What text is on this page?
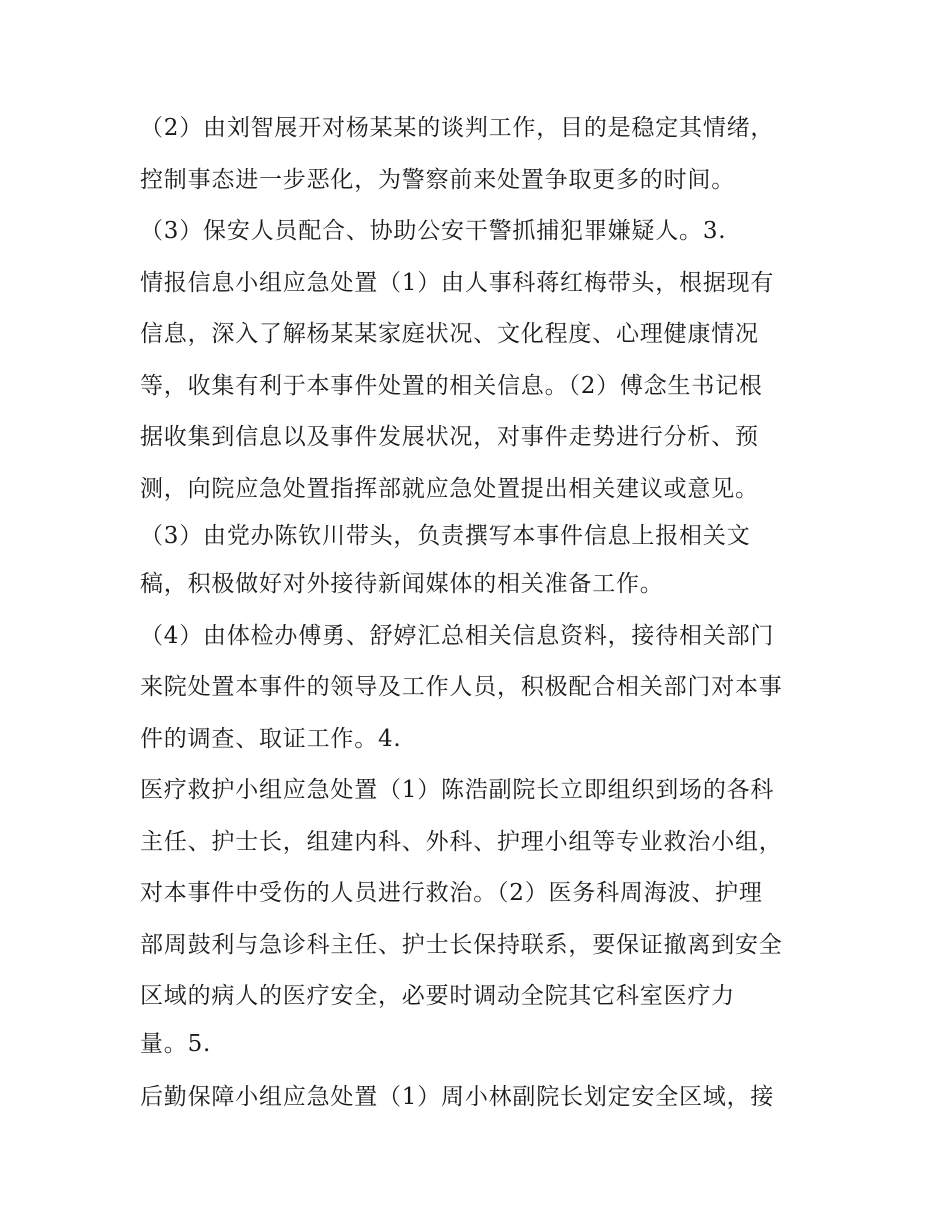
（2）由刘智展开对杨某某的谈判工作，目的是稳定其情绪，
控制事态进一步恶化，为警察前来处置争取更多的时间。
（3）保安人员配合、协助公安干警抓捕犯罪嫌疑人。3.
情报信息小组应急处置（1）由人事科蒋红梅带头，根据现有
信息，深入了解杨某某家庭状况、文化程度、心理健康情况
等，收集有利于本事件处置的相关信息。（2）傅念生书记根
据收集到信息以及事件发展状况，对事件走势进行分析、预
测，向院应急处置指挥部就应急处置提出相关建议或意见。
（3）由党办陈钦川带头，负责撰写本事件信息上报相关文
稿，积极做好对外接待新闻媒体的相关准备工作。
（4）由体检办傅勇、舒婷汇总相关信息资料，接待相关部门
来院处置本事件的领导及工作人员，积极配合相关部门对本事
件的调查、取证工作。4.
医疗救护小组应急处置（1）陈浩副院长立即组织到场的各科
主任、护士长，组建内科、外科、护理小组等专业救治小组，
对本事件中受伤的人员进行救治。（2）医务科周海波、护理
部周鼓利与急诊科主任、护士长保持联系，要保证撤离到安全
区域的病人的医疗安全，必要时调动全院其它科室医疗力
量。5.
后勤保障小组应急处置（1）周小林副院长划定安全区域，接
